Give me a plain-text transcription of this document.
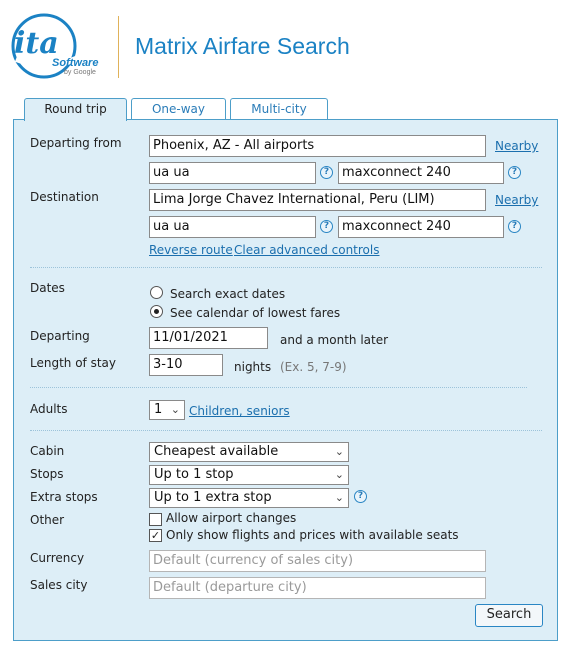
ita
Software
by Google
Matrix Airfare Search
Round trip	One-way	Multi-city
Departing from	Phoenix, AZ - All airports	Nearby
ua ua	? maxconnect 240	?
Destination	Lima Jorge Chavez International, Peru (LIM)	Nearby
ua ua	? maxconnect 240	?
Reverse route Clear advanced controls
Dates	Search exact dates
See calendar of lowest fares
Departing	11/01/2021	and a month later
Length of stay	3-10	nights (Ex. 5, 7-9)
Adults	1 ⌄ Children, seniors
Cabin	Cheapest available	⌄
Stops	Up to 1 stop	⌄
Extra stops	Up to 1 extra stop	⌄	?
Other	Allow airport changes
✓ Only show flights and prices with available seats
Currency	Default (currency of sales city)
Sales city	Default (departure city)
Search
